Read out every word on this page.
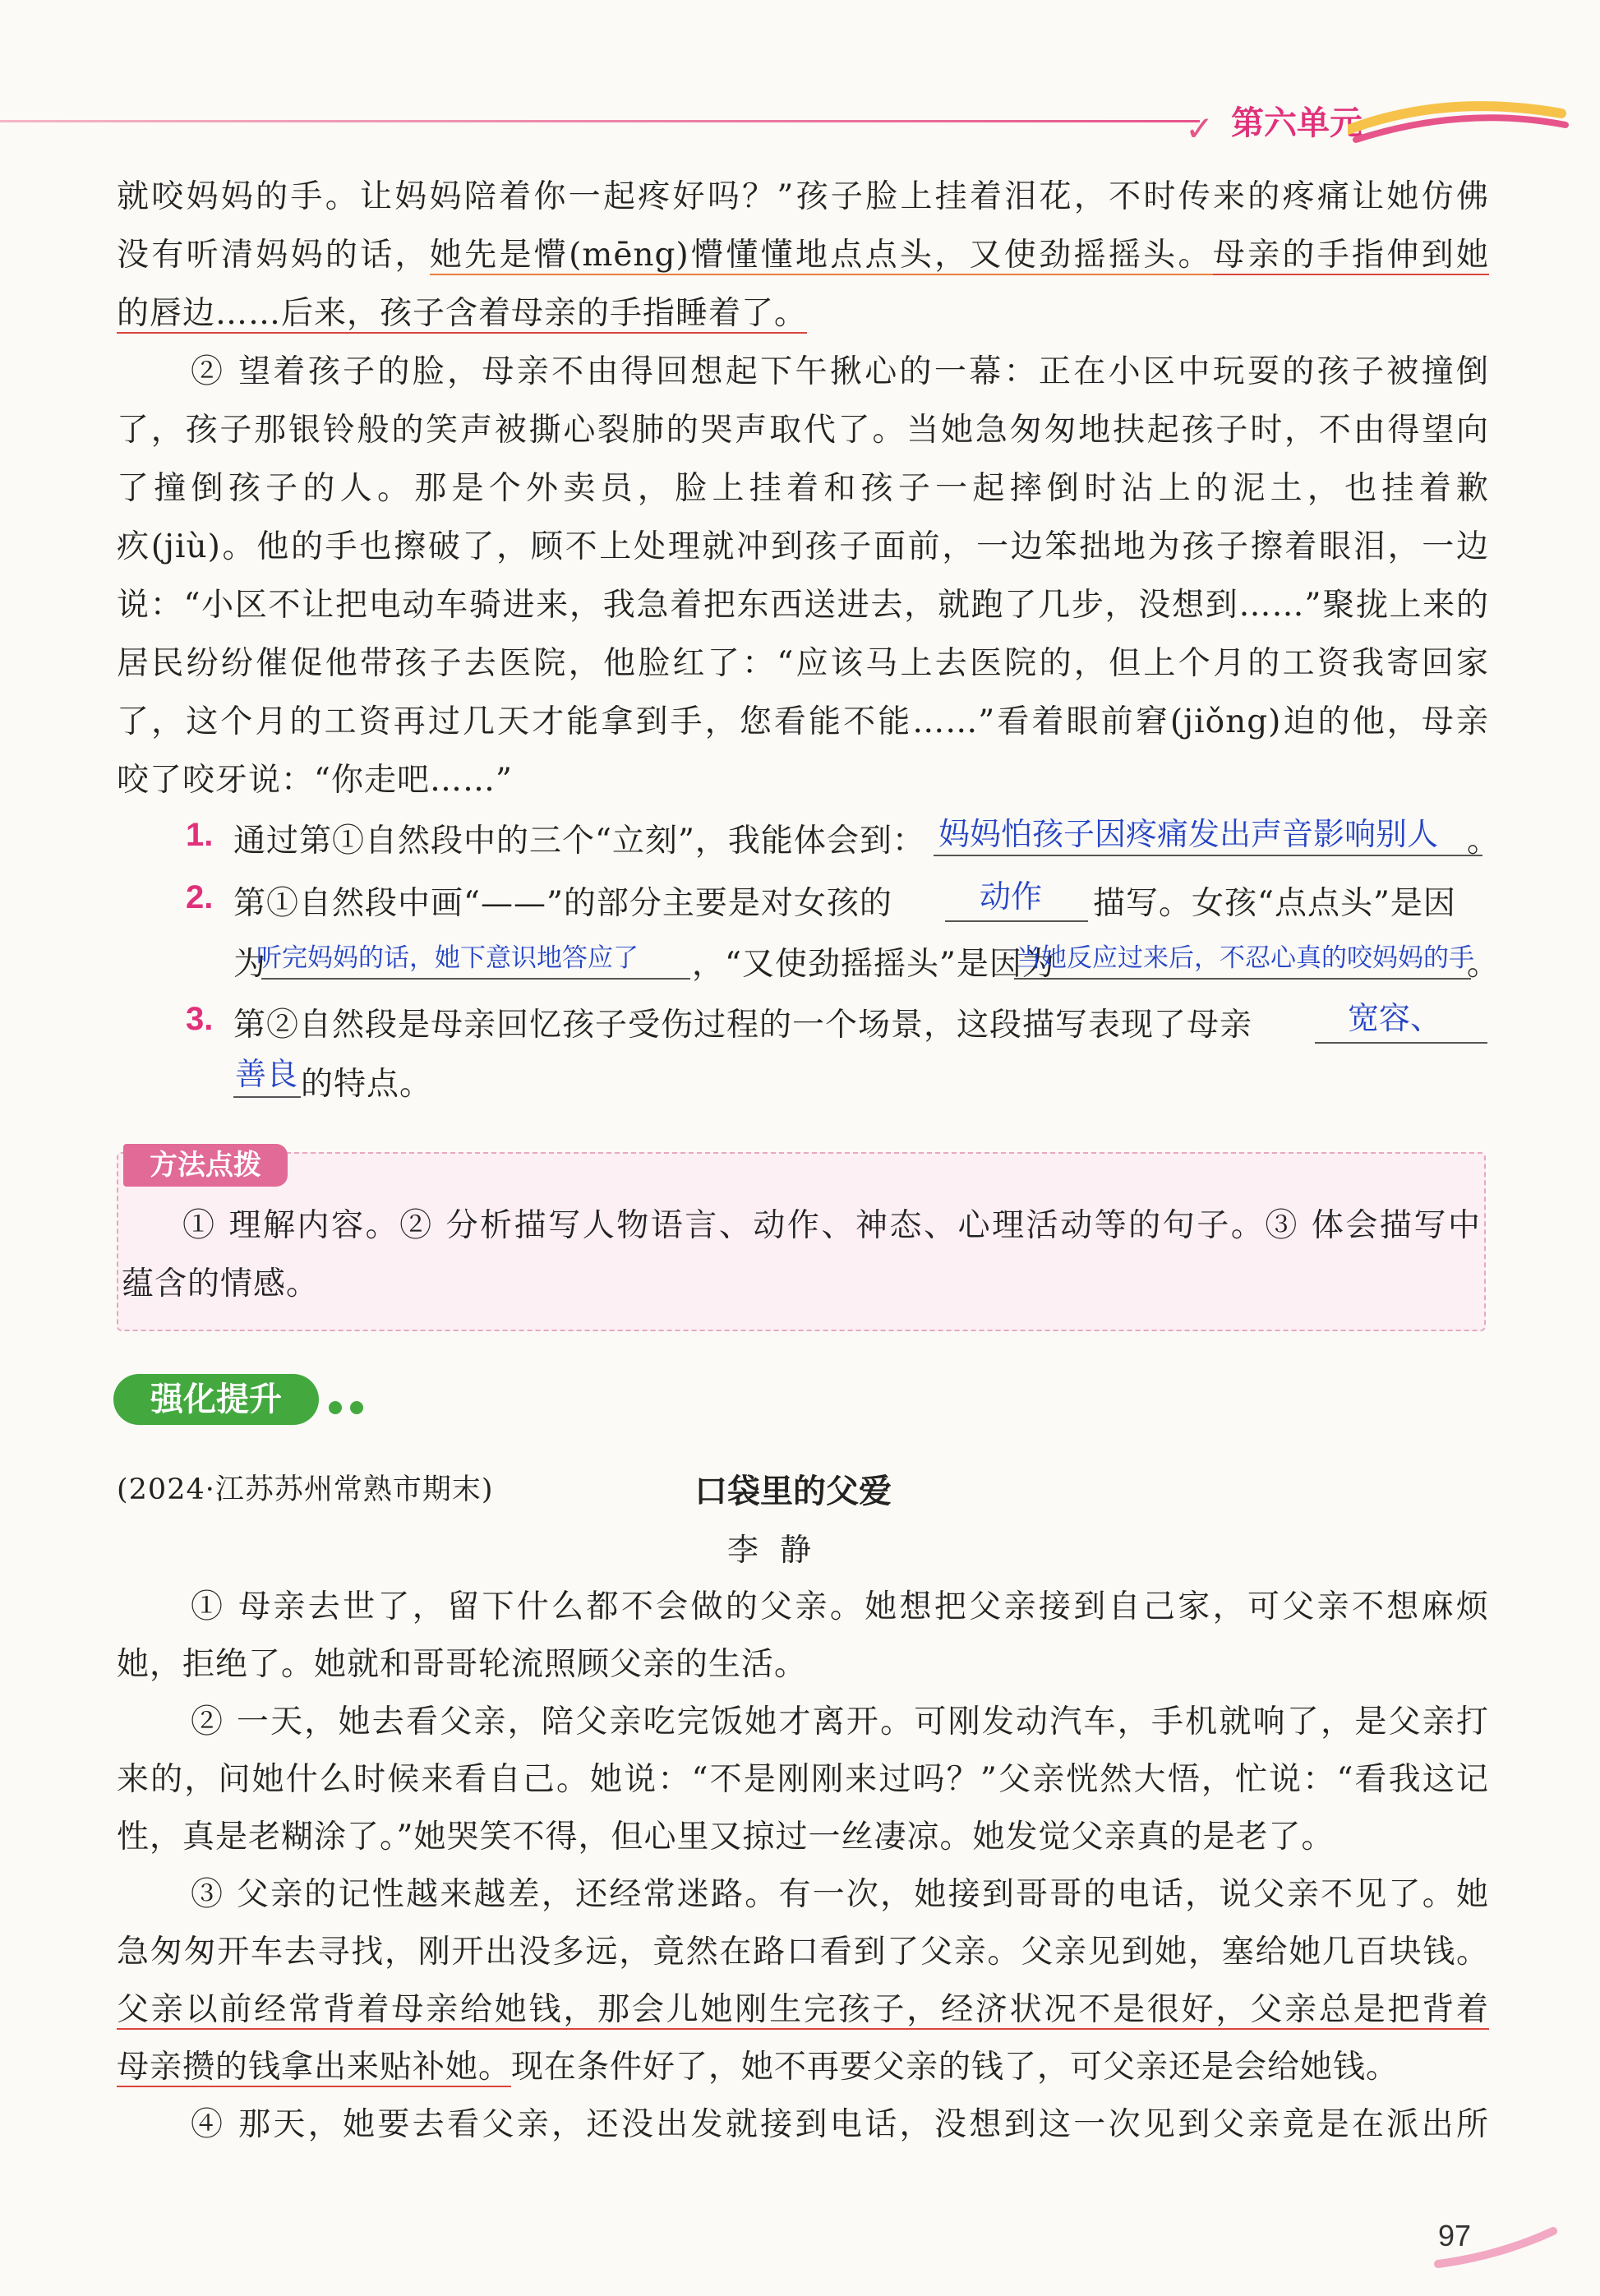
✓ 第六单元
就咬妈妈的手。让妈妈陪着你一起疼好吗？”孩子脸上挂着泪花，不时传来的疼痛让她仿佛
没有听清妈妈的话，她先是懵(mēng)懵懂懂地点点头，又使劲摇摇头。母亲的手指伸到她
的唇边……后来，孩子含着母亲的手指睡着了。
② 望着孩子的脸，母亲不由得回想起下午揪心的一幕：正在小区中玩耍的孩子被撞倒
了，孩子那银铃般的笑声被撕心裂肺的哭声取代了。当她急匆匆地扶起孩子时，不由得望向
了撞倒孩子的人。那是个外卖员，脸上挂着和孩子一起摔倒时沾上的泥土，也挂着歉
疚(jiù)。他的手也擦破了，顾不上处理就冲到孩子面前，一边笨拙地为孩子擦着眼泪，一边
说：“小区不让把电动车骑进来，我急着把东西送进去，就跑了几步，没想到……”聚拢上来的
居民纷纷催促他带孩子去医院，他脸红了：“应该马上去医院的，但上个月的工资我寄回家
了，这个月的工资再过几天才能拿到手，您看能不能……”看着眼前窘(jiǒng)迫的他，母亲
咬了咬牙说：“你走吧……”
1. 通过第①自然段中的三个“立刻”，我能体会到： 妈妈怕孩子因疼痛发出声音影响别人 。
2. 第①自然段中画“——”的部分主要是对女孩的	动作 描写。女孩“点点头”是因
为
听完妈妈的话，她下意识地答应了 ，“又使劲摇摇头”是因为
当她反应过来后，不忍心真的咬妈妈的手
。
3. 第②自然段是母亲回忆孩子受伤过程的一个场景，这段描写表现了母亲	宽容、
善良 的特点。
方法点拨
① 理解内容。② 分析描写人物语言、动作、神态、心理活动等的句子。③ 体会描写中
蕴含的情感。
强化提升
(2024·江苏苏州常熟市期末)	口袋里的父爱
李静
① 母亲去世了，留下什么都不会做的父亲。她想把父亲接到自己家，可父亲不想麻烦
她，拒绝了。她就和哥哥轮流照顾父亲的生活。
② 一天，她去看父亲，陪父亲吃完饭她才离开。可刚发动汽车，手机就响了，是父亲打
来的，问她什么时候来看自己。她说：“不是刚刚来过吗？”父亲恍然大悟，忙说：“看我这记
性，真是老糊涂了。”她哭笑不得，但心里又掠过一丝凄凉。她发觉父亲真的是老了。
③ 父亲的记性越来越差，还经常迷路。有一次，她接到哥哥的电话，说父亲不见了。她
急匆匆开车去寻找，刚开出没多远，竟然在路口看到了父亲。父亲见到她，塞给她几百块钱。
父亲以前经常背着母亲给她钱，那会儿她刚生完孩子，经济状况不是很好，父亲总是把背着
母亲攒的钱拿出来贴补她。现在条件好了，她不再要父亲的钱了，可父亲还是会给她钱。
④ 那天，她要去看父亲，还没出发就接到电话，没想到这一次见到父亲竟是在派出所
97
